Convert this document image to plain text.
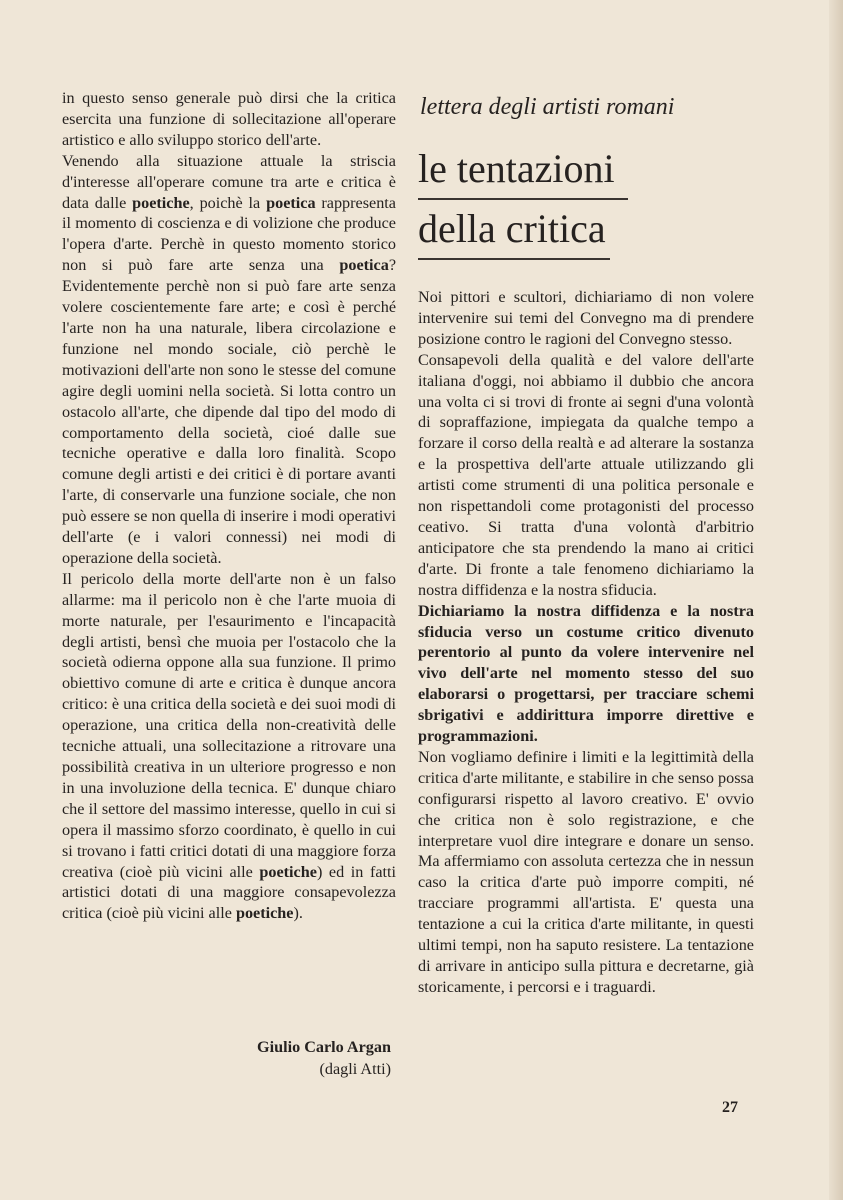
in questo senso generale può dirsi che la critica esercita una funzione di sollecitazione all'operare artistico e allo sviluppo storico dell'arte.

Venendo alla situazione attuale la striscia d'interesse all'operare comune tra arte e critica è data dalle poetiche, poichè la poetica rappresenta il momento di coscienza e di volizione che produce l'opera d'arte. Perchè in questo momento storico non si può fare arte senza una poetica? Evidentemente perchè non si può fare arte senza volere coscientemente fare arte; e così è perché l'arte non ha una naturale, libera circolazione e funzione nel mondo sociale, ciò perchè le motivazioni dell'arte non sono le stesse del comune agire degli uomini nella società. Si lotta contro un ostacolo all'arte, che dipende dal tipo del modo di comportamento della società, cioé dalle sue tecniche operative e dalla loro finalità. Scopo comune degli artisti e dei critici è di portare avanti l'arte, di conservarle una funzione sociale, che non può essere se non quella di inserire i modi operativi dell'arte (e i valori connessi) nei modi di operazione della società.

Il pericolo della morte dell'arte non è un falso allarme: ma il pericolo non è che l'arte muoia di morte naturale, per l'esaurimento e l'incapacità degli artisti, bensì che muoia per l'ostacolo che la società odierna oppone alla sua funzione. Il primo obiettivo comune di arte e critica è dunque ancora critico: è una critica della società e dei suoi modi di operazione, una critica della non-creatività delle tecniche attuali, una sollecitazione a ritrovare una possibilità creativa in un ulteriore progresso e non in una involuzione della tecnica. E' dunque chiaro che il settore del massimo interesse, quello in cui si opera il massimo sforzo coordinato, è quello in cui si trovano i fatti critici dotati di una maggiore forza creativa (cioè più vicini alle poetiche) ed in fatti artistici dotati di una maggiore consapevolezza critica (cioè più vicini alle poetiche).

Giulio Carlo Argan
(dagli Atti)
lettera degli artisti romani
le tentazioni
della critica

Noi pittori e scultori, dichiariamo di non volere intervenire sui temi del Convegno ma di prendere posizione contro le ragioni del Convegno stesso.

Consapevoli della qualità e del valore dell'arte italiana d'oggi, noi abbiamo il dubbio che ancora una volta ci si trovi di fronte ai segni d'una volontà di sopraffazione, impiegata da qualche tempo a forzare il corso della realtà e ad alterare la sostanza e la prospettiva dell'arte attuale utilizzando gli artisti come strumenti di una politica personale e non rispettandoli come protagonisti del processo ceativo. Si tratta d'una volontà d'arbitrio anticipatore che sta prendendo la mano ai critici d'arte. Di fronte a tale fenomeno dichiariamo la nostra diffidenza e la nostra sfiducia.

Dichiariamo la nostra diffidenza e la nostra sfiducia verso un costume critico divenuto perentorio al punto da volere intervenire nel vivo dell'arte nel momento stesso del suo elaborarsi o progettarsi, per tracciare schemi sbrigativi e addirittura imporre direttive e programmazioni.

Non vogliamo definire i limiti e la legittimità della critica d'arte militante, e stabilire in che senso possa configurarsi rispetto al lavoro creativo. E' ovvio che critica non è solo registrazione, e che interpretare vuol dire integrare e donare un senso. Ma affermiamo con assoluta certezza che in nessun caso la critica d'arte può imporre compiti, né tracciare programmi all'artista. E' questa una tentazione a cui la critica d'arte militante, in questi ultimi tempi, non ha saputo resistere. La tentazione di arrivare in anticipo sulla pittura e decretarne, già storicamente, i percorsi e i traguardi.

27
